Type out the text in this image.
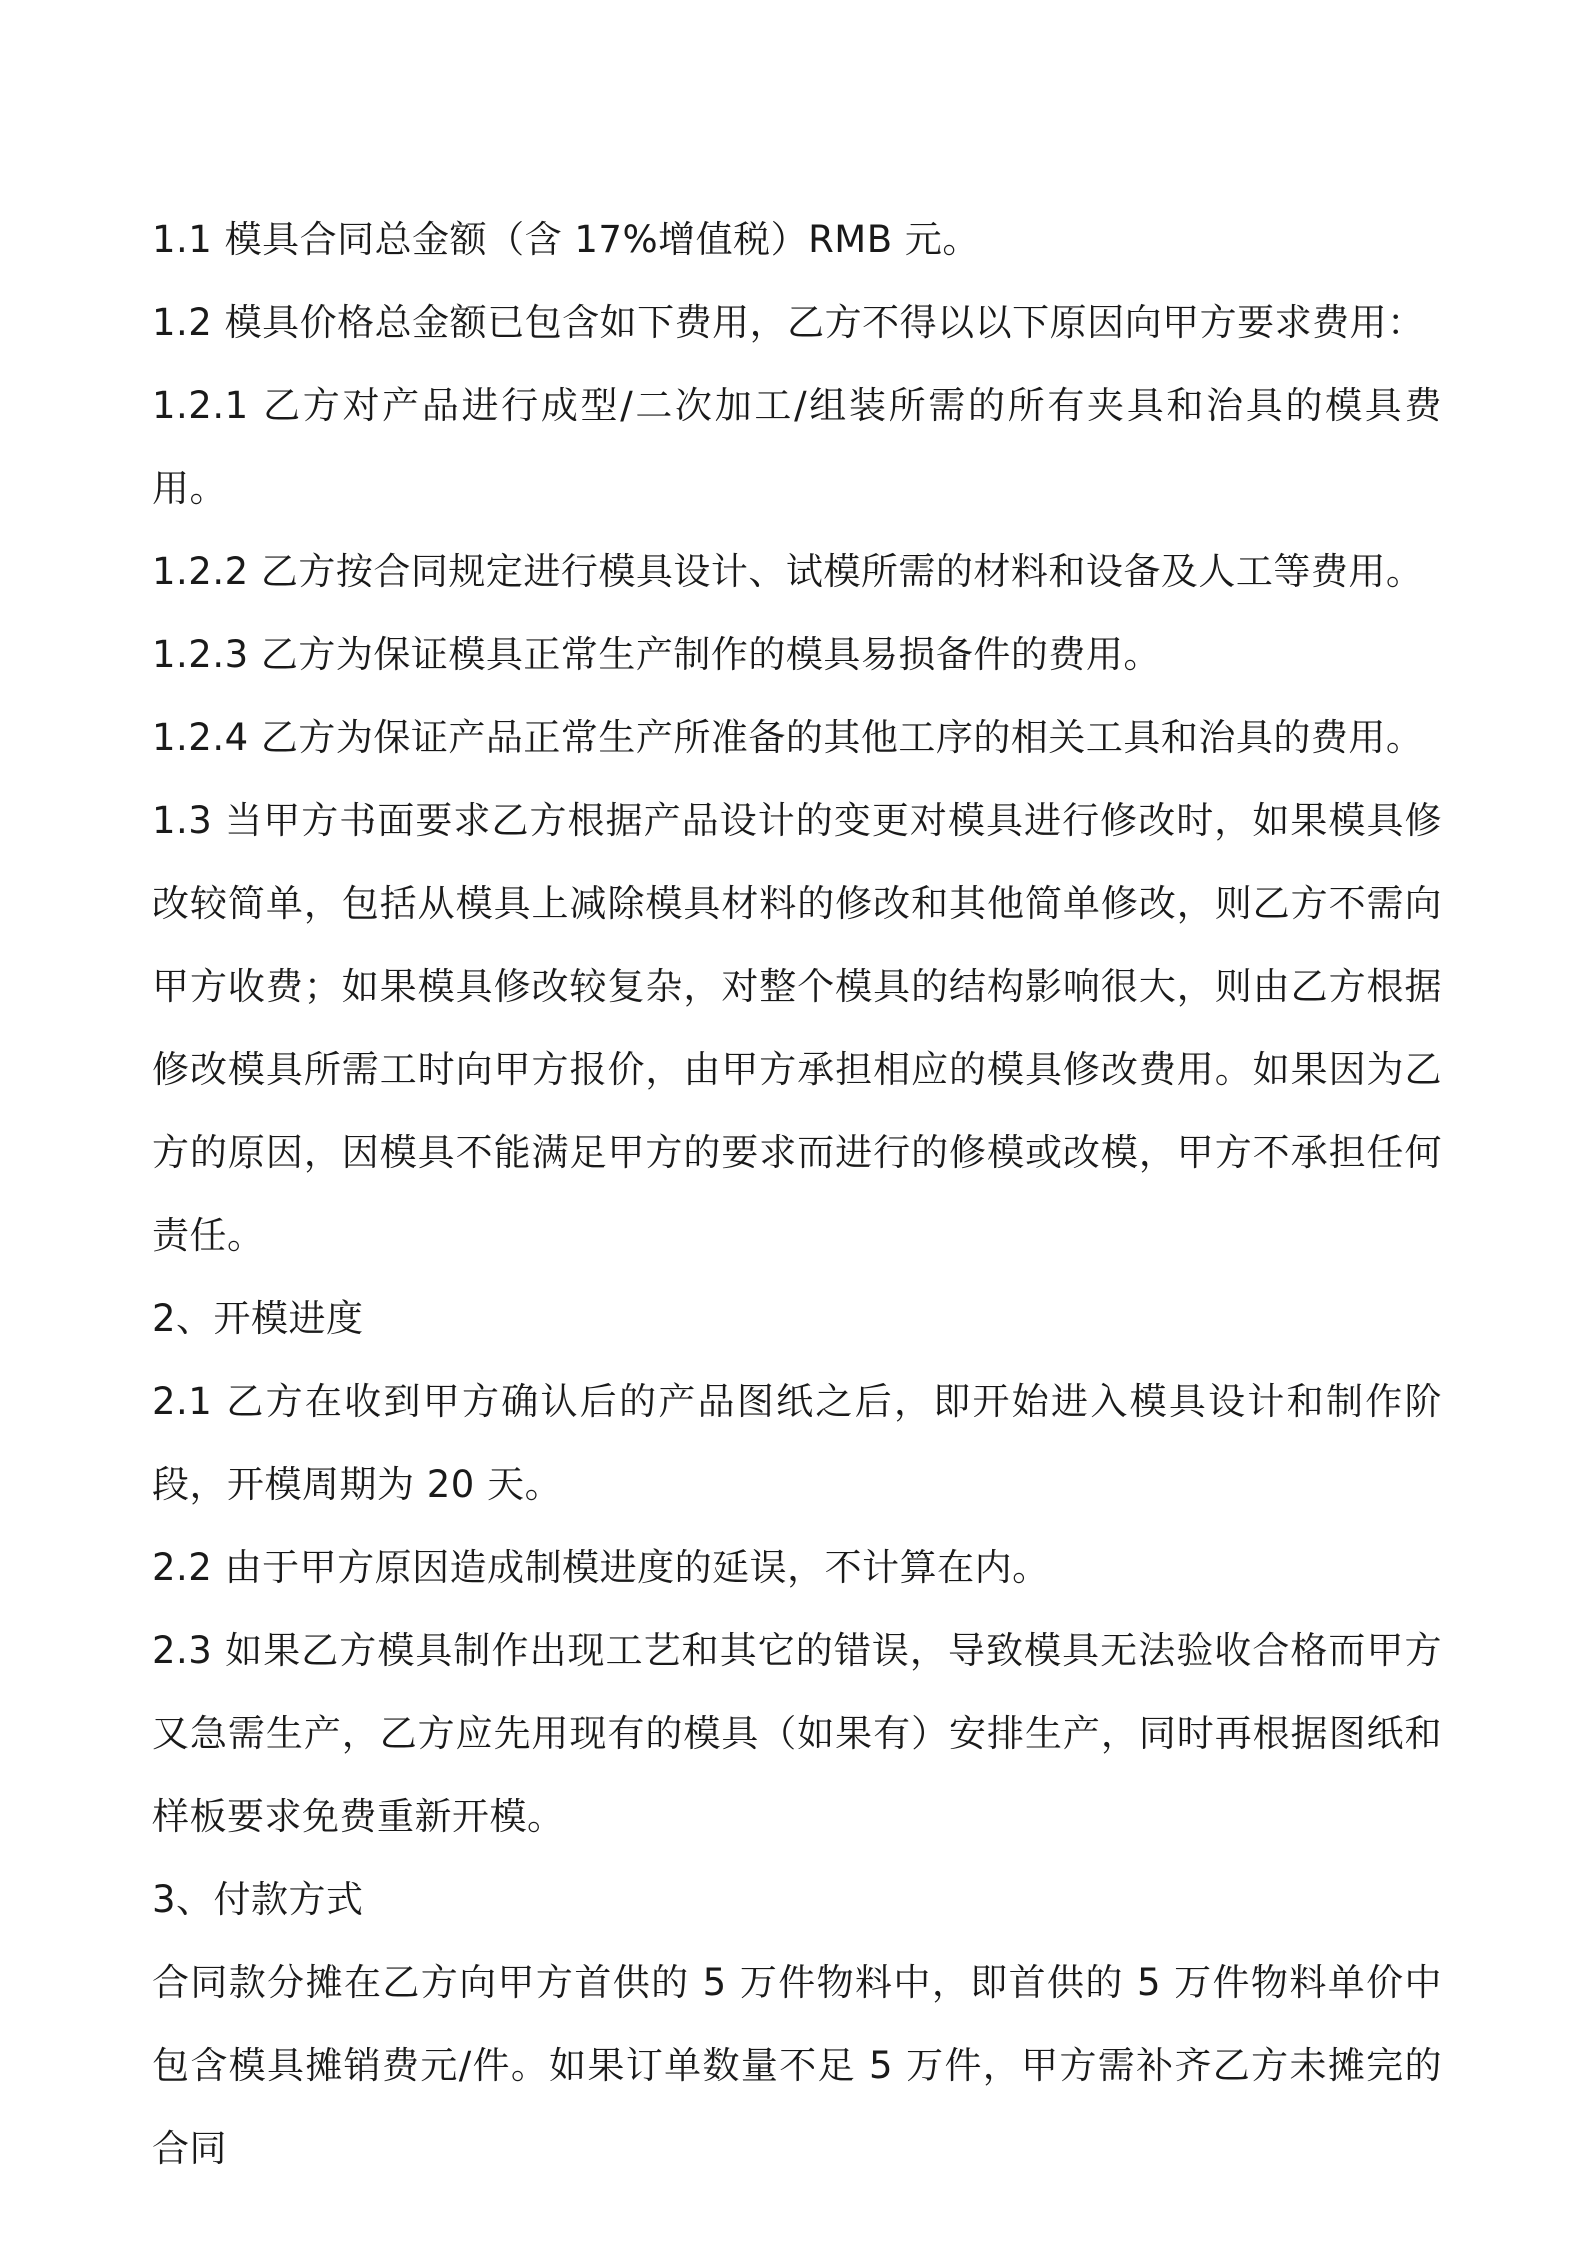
1.1 模具合同总金额（含 17%增值税）RMB 元。

1.2 模具价格总金额已包含如下费用，乙方不得以以下原因向甲方要求费用：

1.2.1 乙方对产品进行成型/二次加工/组装所需的所有夹具和治具的模具费用。

1.2.2 乙方按合同规定进行模具设计、试模所需的材料和设备及人工等费用。

1.2.3 乙方为保证模具正常生产制作的模具易损备件的费用。

1.2.4 乙方为保证产品正常生产所准备的其他工序的相关工具和治具的费用。

1.3 当甲方书面要求乙方根据产品设计的变更对模具进行修改时，如果模具修改较简单，包括从模具上减除模具材料的修改和其他简单修改，则乙方不需向甲方收费；如果模具修改较复杂，对整个模具的结构影响很大，则由乙方根据修改模具所需工时向甲方报价，由甲方承担相应的模具修改费用。如果因为乙方的原因，因模具不能满足甲方的要求而进行的修模或改模，甲方不承担任何责任。

2、开模进度

2.1 乙方在收到甲方确认后的产品图纸之后，即开始进入模具设计和制作阶段，开模周期为 20 天。

2.2 由于甲方原因造成制模进度的延误，不计算在内。

2.3 如果乙方模具制作出现工艺和其它的错误，导致模具无法验收合格而甲方又急需生产，乙方应先用现有的模具（如果有）安排生产，同时再根据图纸和样板要求免费重新开模。

3、付款方式

合同款分摊在乙方向甲方首供的 5 万件物料中，即首供的 5 万件物料单价中包含模具摊销费元/件。如果订单数量不足 5 万件，甲方需补齐乙方未摊完的合同
